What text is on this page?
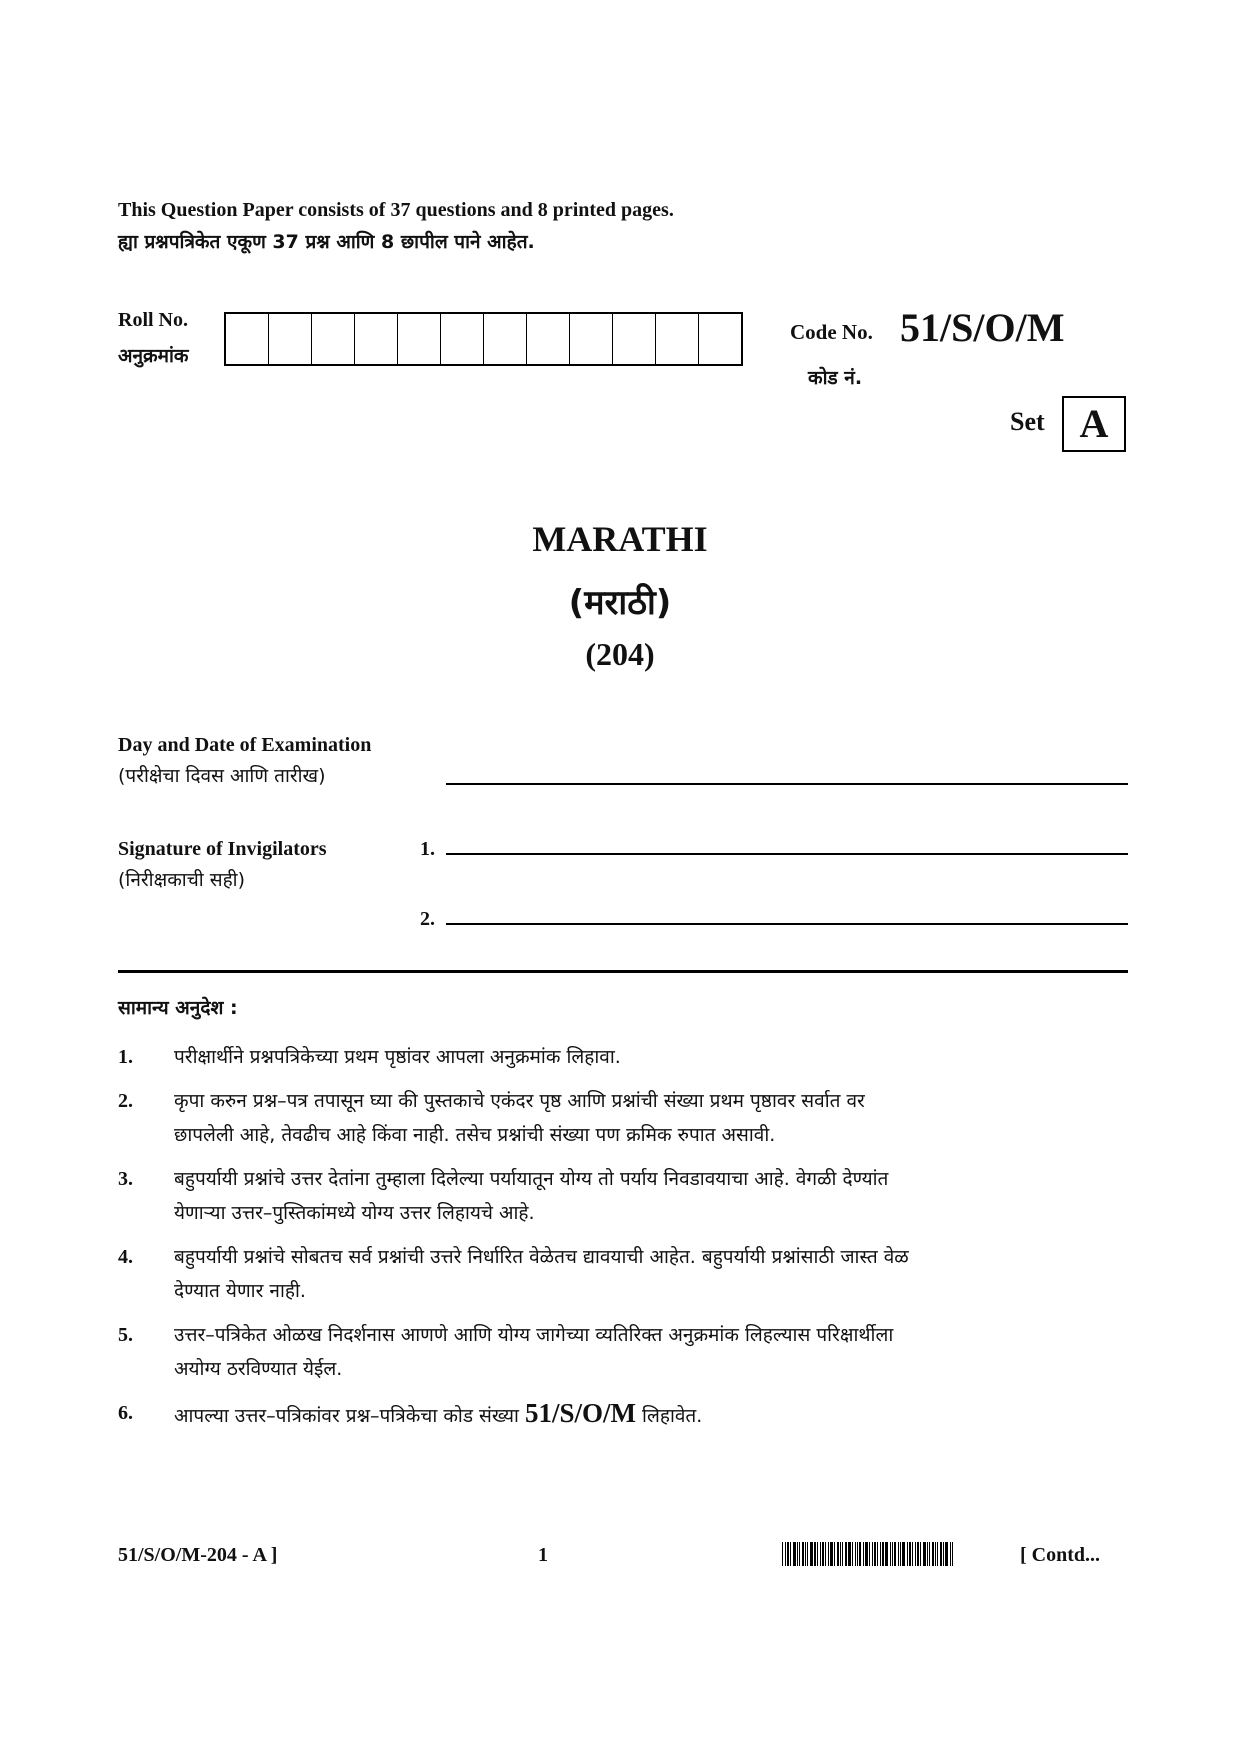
This Question Paper consists of 37 questions and 8 printed pages.
ह्या प्रश्नपत्रिकेत एकूण 37 प्रश्न आणि 8 छापील पाने आहेत.
Roll No.
अनुक्रमांक
Code No. 51/S/O/M
कोड नं.
Set A
MARATHI
(मराठी)
(204)
Day and Date of Examination
(परीक्षेचा दिवस आणि तारीख)
Signature of Invigilators
(निरीक्षकाची सही)
1.
2.
सामान्य अनुदेश :
1.	परीक्षार्थीने प्रश्नपत्रिकेच्या प्रथम पृष्ठांवर आपला अनुक्रमांक लिहावा.
2.	कृपा करुन प्रश्न–पत्र तपासून घ्या की पुस्तकाचे एकंदर पृष्ठ आणि प्रश्नांची संख्या प्रथम पृष्ठावर सर्वात वर
छापलेली आहे, तेवढीच आहे किंवा नाही. तसेच प्रश्नांची संख्या पण क्रमिक रुपात असावी.
3.	बहुपर्यायी प्रश्नांचे उत्तर देतांना तुम्हाला दिलेल्या पर्यायातून योग्य तो पर्याय निवडावयाचा आहे. वेगळी देण्यांत
येणाऱ्या उत्तर–पुस्तिकांमध्ये योग्य उत्तर लिहायचे आहे.
4.	बहुपर्यायी प्रश्नांचे सोबतच सर्व प्रश्नांची उत्तरे निर्धारित वेळेतच द्यावयाची आहेत. बहुपर्यायी प्रश्नांसाठी जास्त वेळ
देण्यात येणार नाही.
5.	उत्तर–पत्रिकेत ओळख निदर्शनास आणणे आणि योग्य जागेच्या व्यतिरिक्त अनुक्रमांक लिहल्यास परिक्षार्थीला
अयोग्य ठरविण्यात येईल.
6.	आपल्या उत्तर–पत्रिकांवर प्रश्न–पत्रिकेचा कोड संख्या 51/S/O/M लिहावेत.
51/S/O/M-204 - A ]	1	[ Contd...
